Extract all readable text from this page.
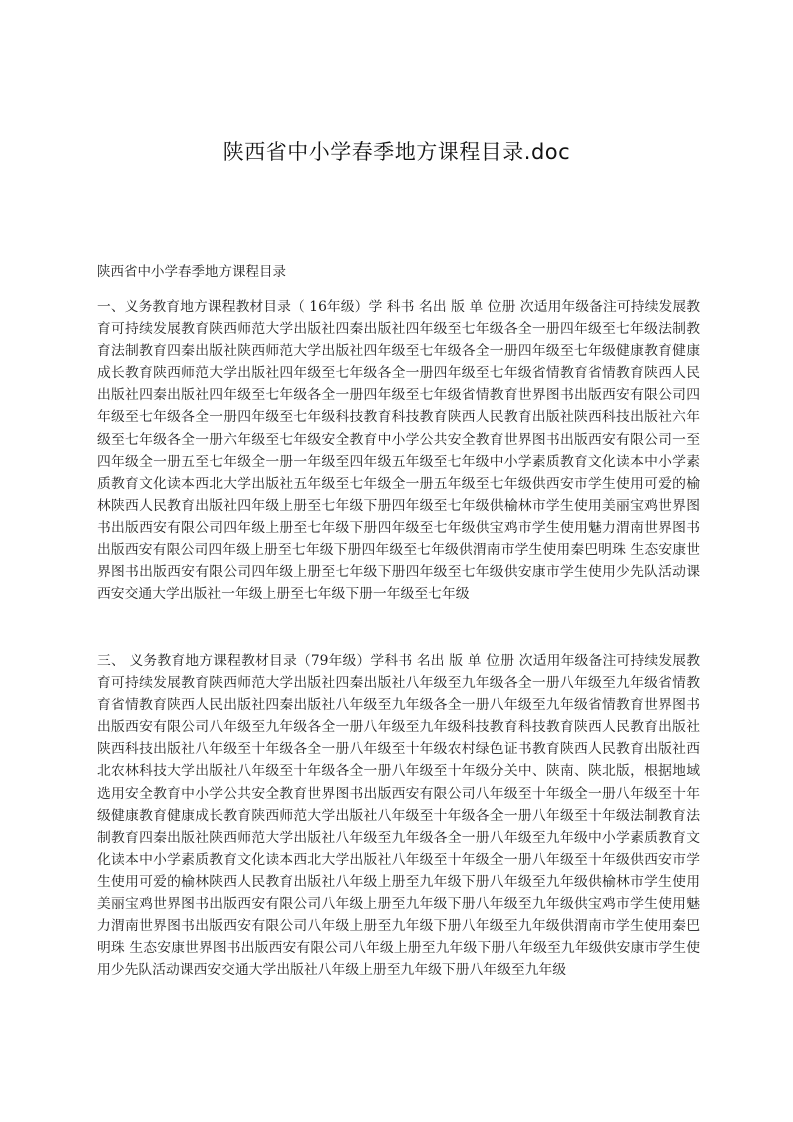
陕西省中小学春季地方课程目录.doc
陕西省中小学春季地方课程目录

一、义务教育地方课程教材目录（ 16年级）学 科书 名出 版 单 位册 次适用年级备注可持续发展教育可持续发展教育陕西师范大学出版社四秦出版社四年级至七年级各全一册四年级至七年级法制教育法制教育四秦出版社陕西师范大学出版社四年级至七年级各全一册四年级至七年级健康教育健康成长教育陕西师范大学出版社四年级至七年级各全一册四年级至七年级省情教育省情教育陕西人民出版社四秦出版社四年级至七年级各全一册四年级至七年级省情教育世界图书出版西安有限公司四年级至七年级各全一册四年级至七年级科技教育科技教育陕西人民教育出版社陕西科技出版社六年级至七年级各全一册六年级至七年级安全教育中小学公共安全教育世界图书出版西安有限公司一至四年级全一册五至七年级全一册一年级至四年级五年级至七年级中小学素质教育文化读本中小学素质教育文化读本西北大学出版社五年级至七年级全一册五年级至七年级供西安市学生使用可爱的榆林陕西人民教育出版社四年级上册至七年级下册四年级至七年级供榆林市学生使用美丽宝鸡世界图书出版西安有限公司四年级上册至七年级下册四年级至七年级供宝鸡市学生使用魅力渭南世界图书出版西安有限公司四年级上册至七年级下册四年级至七年级供渭南市学生使用秦巴明珠 生态安康世界图书出版西安有限公司四年级上册至七年级下册四年级至七年级供安康市学生使用少先队活动课西安交通大学出版社一年级上册至七年级下册一年级至七年级

三、 义务教育地方课程教材目录（79年级）学科书 名出 版 单 位册 次适用年级备注可持续发展教育可持续发展教育陕西师范大学出版社四秦出版社八年级至九年级各全一册八年级至九年级省情教育省情教育陕西人民出版社四秦出版社八年级至九年级各全一册八年级至九年级省情教育世界图书出版西安有限公司八年级至九年级各全一册八年级至九年级科技教育科技教育陕西人民教育出版社陕西科技出版社八年级至十年级各全一册八年级至十年级农村绿色证书教育陕西人民教育出版社西北农林科技大学出版社八年级至十年级各全一册八年级至十年级分关中、陕南、陕北版，根据地域选用安全教育中小学公共安全教育世界图书出版西安有限公司八年级至十年级全一册八年级至十年级健康教育健康成长教育陕西师范大学出版社八年级至十年级各全一册八年级至十年级法制教育法制教育四秦出版社陕西师范大学出版社八年级至九年级各全一册八年级至九年级中小学素质教育文化读本中小学素质教育文化读本西北大学出版社八年级至十年级全一册八年级至十年级供西安市学生使用可爱的榆林陕西人民教育出版社八年级上册至九年级下册八年级至九年级供榆林市学生使用美丽宝鸡世界图书出版西安有限公司八年级上册至九年级下册八年级至九年级供宝鸡市学生使用魅力渭南世界图书出版西安有限公司八年级上册至九年级下册八年级至九年级供渭南市学生使用秦巴明珠 生态安康世界图书出版西安有限公司八年级上册至九年级下册八年级至九年级供安康市学生使用少先队活动课西安交通大学出版社八年级上册至九年级下册八年级至九年级
